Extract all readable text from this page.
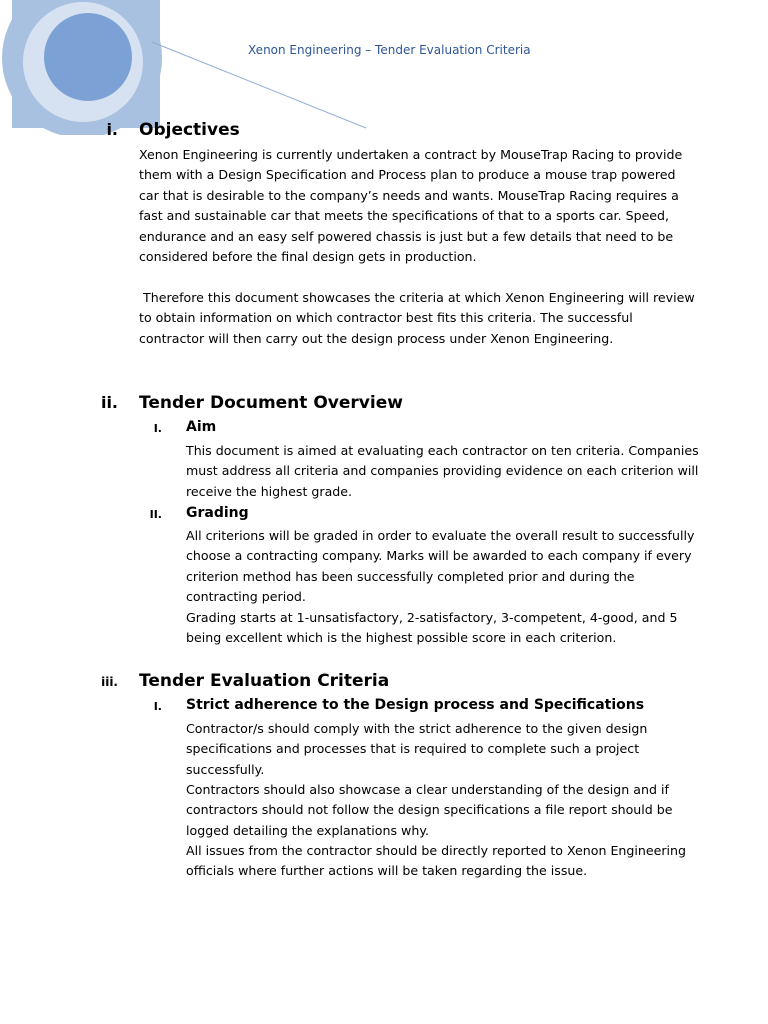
Xenon Engineering – Tender Evaluation Criteria
i. Objectives

Xenon Engineering is currently undertaken a contract by MouseTrap Racing to provide them with a Design Specification and Process plan to produce a mouse trap powered car that is desirable to the company’s needs and wants. MouseTrap Racing requires a fast and sustainable car that meets the specifications of that to a sports car. Speed, endurance and an easy self powered chassis is just but a few details that need to be considered before the final design gets in production.

Therefore this document showcases the criteria at which Xenon Engineering will review to obtain information on which contractor best fits this criteria. The successful contractor will then carry out the design process under Xenon Engineering.

ii. Tender Document Overview
I. Aim

This document is aimed at evaluating each contractor on ten criteria. Companies must address all criteria and companies providing evidence on each criterion will receive the highest grade.

II. Grading

All criterions will be graded in order to evaluate the overall result to successfully choose a contracting company. Marks will be awarded to each company if every criterion method has been successfully completed prior and during the contracting period.

Grading starts at 1-unsatisfactory, 2-satisfactory, 3-competent, 4-good, and 5 being excellent which is the highest possible score in each criterion.

iii. Tender Evaluation Criteria
I. Strict adherence to the Design process and Specifications

Contractor/s should comply with the strict adherence to the given design specifications and processes that is required to complete such a project successfully.

Contractors should also showcase a clear understanding of the design and if contractors should not follow the design specifications a file report should be logged detailing the explanations why.

All issues from the contractor should be directly reported to Xenon Engineering officials where further actions will be taken regarding the issue.
